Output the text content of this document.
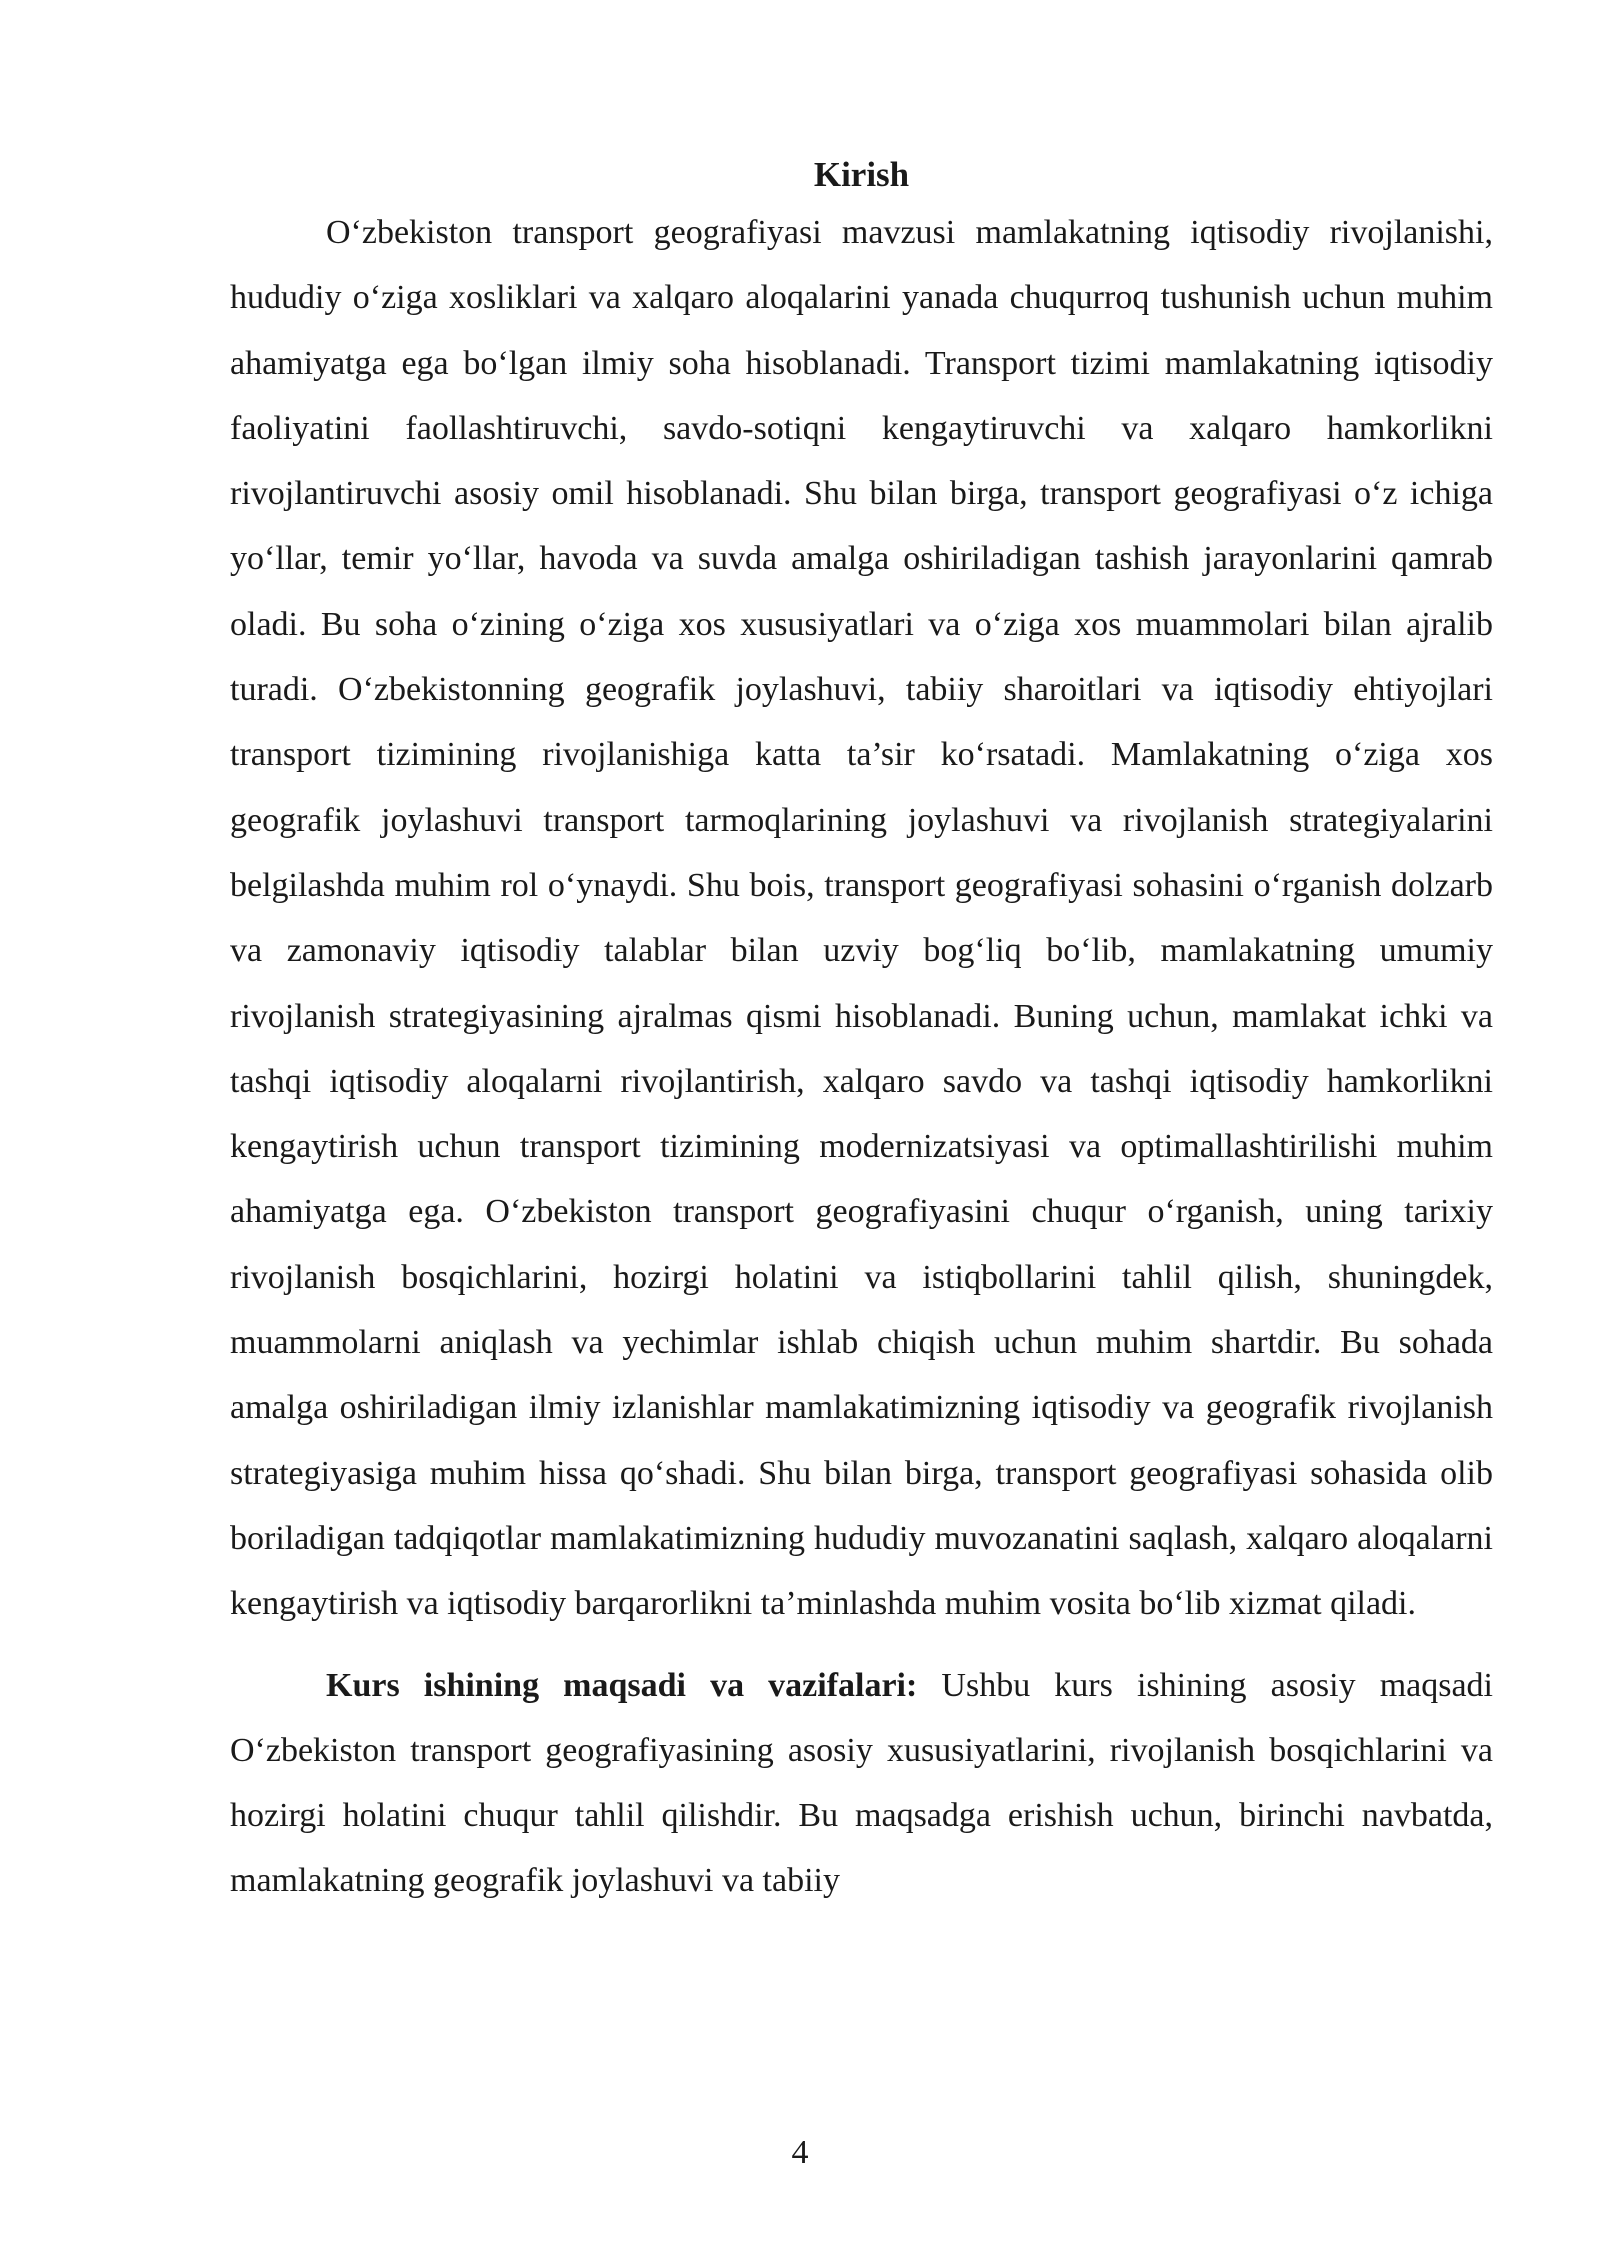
Kirish

O‘zbekiston transport geografiyasi mavzusi mamlakatning iqtisodiy rivojlanishi, hududiy o‘ziga xosliklari va xalqaro aloqalarini yanada chuqurroq tushunish uchun muhim ahamiyatga ega bo‘lgan ilmiy soha hisoblanadi. Transport tizimi mamlakatning iqtisodiy faoliyatini faollashtiruvchi, savdo-sotiqni kengaytiruvchi va xalqaro hamkorlikni rivojlantiruvchi asosiy omil hisoblanadi. Shu bilan birga, transport geografiyasi o‘z ichiga yo‘llar, temir yo‘llar, havoda va suvda amalga oshiriladigan tashish jarayonlarini qamrab oladi. Bu soha o‘zining o‘ziga xos xususiyatlari va o‘ziga xos muammolari bilan ajralib turadi. O‘zbekistonning geografik joylashuvi, tabiiy sharoitlari va iqtisodiy ehtiyojlari transport tizimining rivojlanishiga katta ta’sir ko‘rsatadi. Mamlakatning o‘ziga xos geografik joylashuvi transport tarmoqlarining joylashuvi va rivojlanish strategiyalarini belgilashda muhim rol o‘ynaydi. Shu bois, transport geografiyasi sohasini o‘rganish dolzarb va zamonaviy iqtisodiy talablar bilan uzviy bog‘liq bo‘lib, mamlakatning umumiy rivojlanish strategiyasining ajralmas qismi hisoblanadi. Buning uchun, mamlakat ichki va tashqi iqtisodiy aloqalarni rivojlantirish, xalqaro savdo va tashqi iqtisodiy hamkorlikni kengaytirish uchun transport tizimining modernizatsiyasi va optimallashtirilishi muhim ahamiyatga ega. O‘zbekiston transport geografiyasini chuqur o‘rganish, uning tarixiy rivojlanish bosqichlarini, hozirgi holatini va istiqbollarini tahlil qilish, shuningdek, muammolarni aniqlash va yechimlar ishlab chiqish uchun muhim shartdir. Bu sohada amalga oshiriladigan ilmiy izlanishlar mamlakatimizning iqtisodiy va geografik rivojlanish strategiyasiga muhim hissa qo‘shadi. Shu bilan birga, transport geografiyasi sohasida olib boriladigan tadqiqotlar mamlakatimizning hududiy muvozanatini saqlash, xalqaro aloqalarni kengaytirish va iqtisodiy barqarorlikni ta’minlashda muhim vosita bo‘lib xizmat qiladi.

Kurs ishining maqsadi va vazifalari: Ushbu kurs ishining asosiy maqsadi O‘zbekiston transport geografiyasining asosiy xususiyatlarini, rivojlanish bosqichlarini va hozirgi holatini chuqur tahlil qilishdir. Bu maqsadga erishish uchun, birinchi navbatda, mamlakatning geografik joylashuvi va tabiiy

4
